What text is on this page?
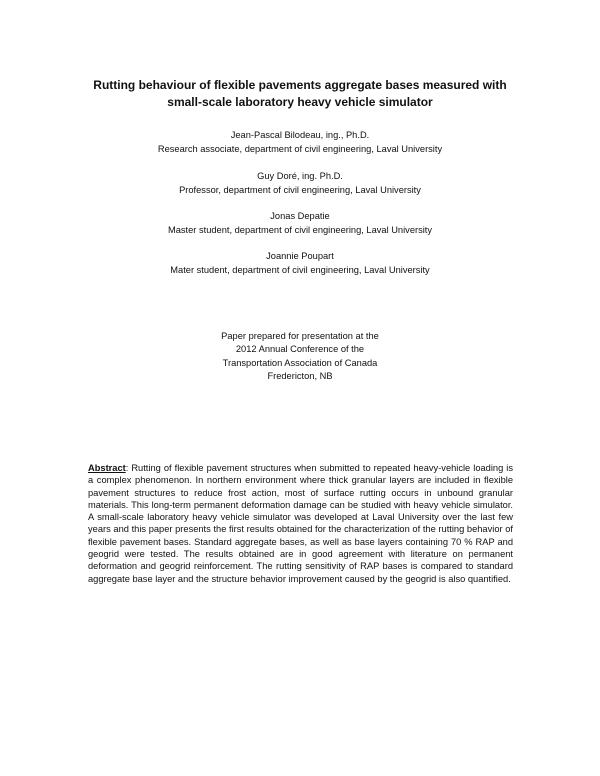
Rutting behaviour of flexible pavements aggregate bases measured with
small-scale laboratory heavy vehicle simulator
Jean-Pascal Bilodeau, ing., Ph.D.
Research associate, department of civil engineering, Laval University
Guy Doré, ing. Ph.D.
Professor, department of civil engineering, Laval University
Jonas Depatie
Master student, department of civil engineering, Laval University
Joannie Poupart
Mater student, department of civil engineering, Laval University
Paper prepared for presentation at the
2012 Annual Conference of the
Transportation Association of Canada
Fredericton, NB
Abstract: Rutting of flexible pavement structures when submitted to repeated heavy-vehicle loading is a complex phenomenon. In northern environment where thick granular layers are included in flexible pavement structures to reduce frost action, most of surface rutting occurs in unbound granular materials. This long-term permanent deformation damage can be studied with heavy vehicle simulator. A small-scale laboratory heavy vehicle simulator was developed at Laval University over the last few years and this paper presents the first results obtained for the characterization of the rutting behavior of flexible pavement bases. Standard aggregate bases, as well as base layers containing 70 % RAP and geogrid were tested. The results obtained are in good agreement with literature on permanent deformation and geogrid reinforcement. The rutting sensitivity of RAP bases is compared to standard aggregate base layer and the structure behavior improvement caused by the geogrid is also quantified.
